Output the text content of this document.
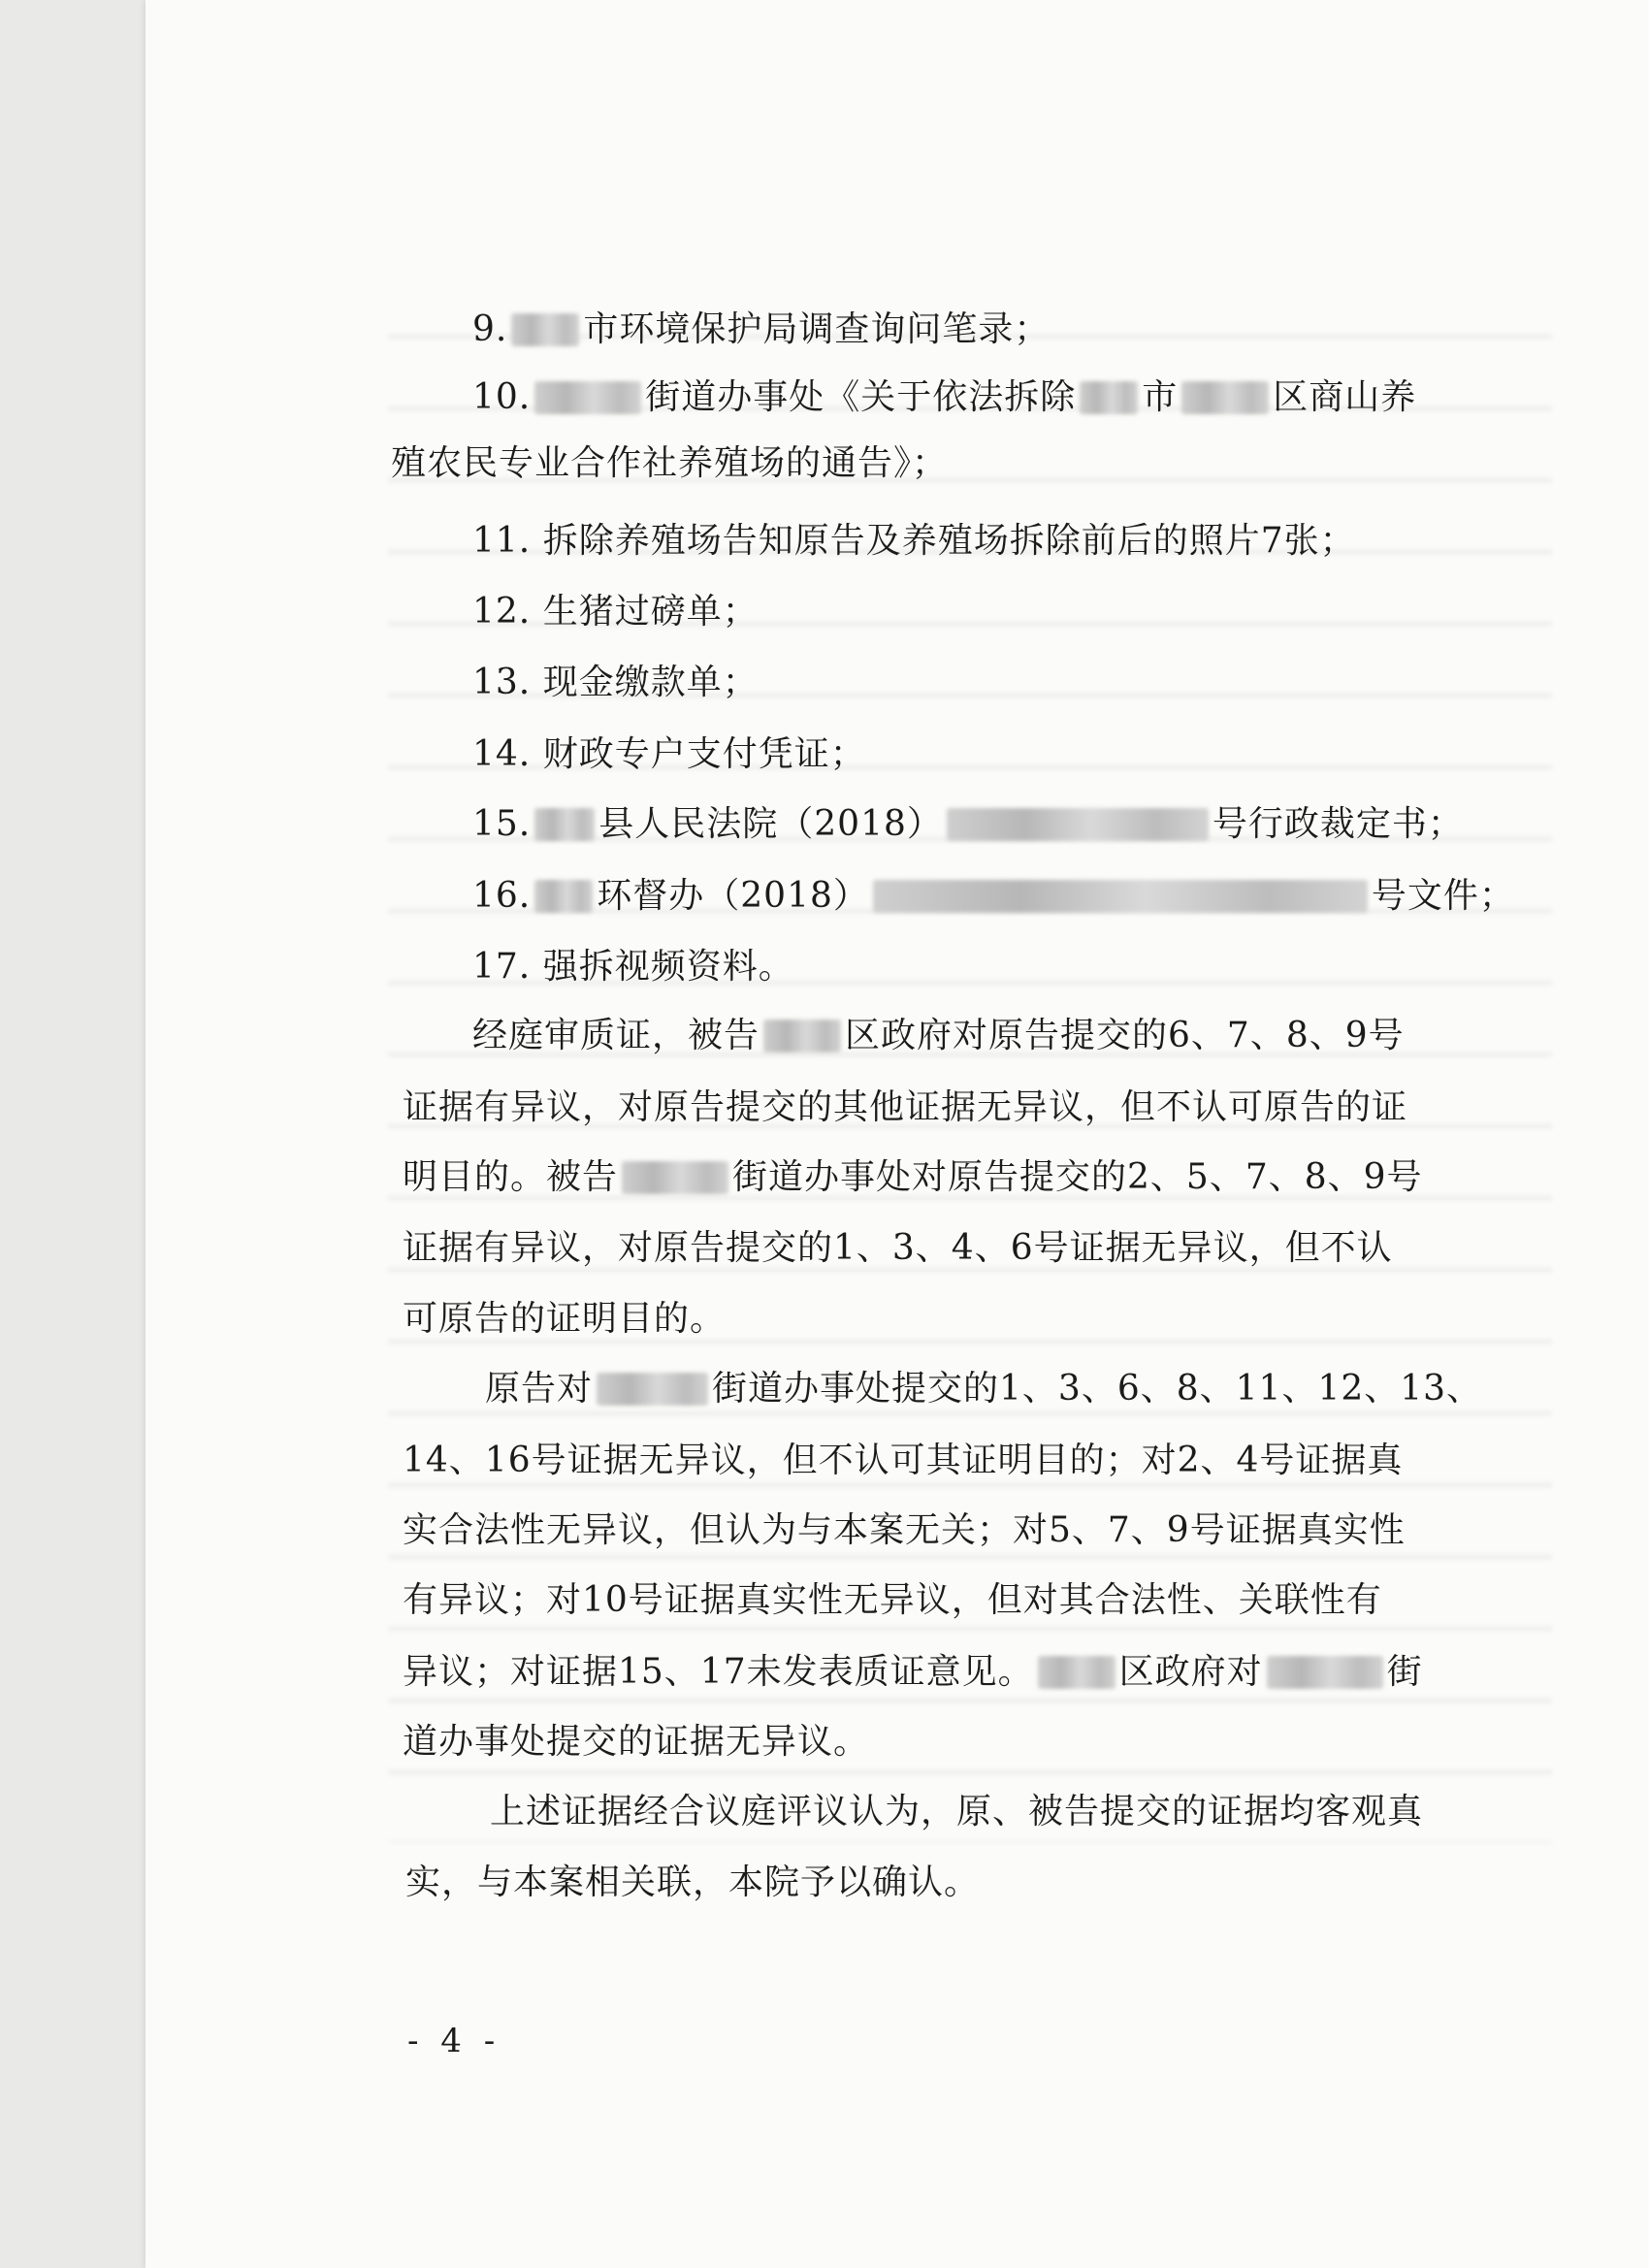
9. 市环境保护局调查询问笔录；
10.	街道办事处《关于依法拆除 市	区商山养
殖农民专业合作社养殖场的通告》；
11. 拆除养殖场告知原告及养殖场拆除前后的照片7张；
12. 生猪过磅单；
13. 现金缴款单；
14. 财政专户支付凭证；
15. 县人民法院（2018）	号行政裁定书；
16. 环督办（2018）	号文件；
17. 强拆视频资料。
经庭审质证，被告 区政府对原告提交的6、7、8、9号
证据有异议，对原告提交的其他证据无异议，但不认可原告的证
明目的。被告	街道办事处对原告提交的2、5、7、8、9号
证据有异议，对原告提交的1、3、4、6号证据无异议，但不认
可原告的证明目的。
原告对	街道办事处提交的1、3、6、8、11、12、13、
14、16号证据无异议，但不认可其证明目的；对2、4号证据真
实合法性无异议，但认为与本案无关；对5、7、9号证据真实性
有异议；对10号证据真实性无异议，但对其合法性、关联性有
异议；对证据15、17未发表质证意见。 区政府对	街
道办事处提交的证据无异议。
上述证据经合议庭评议认为，原、被告提交的证据均客观真
实，与本案相关联，本院予以确认。
- 4 -
